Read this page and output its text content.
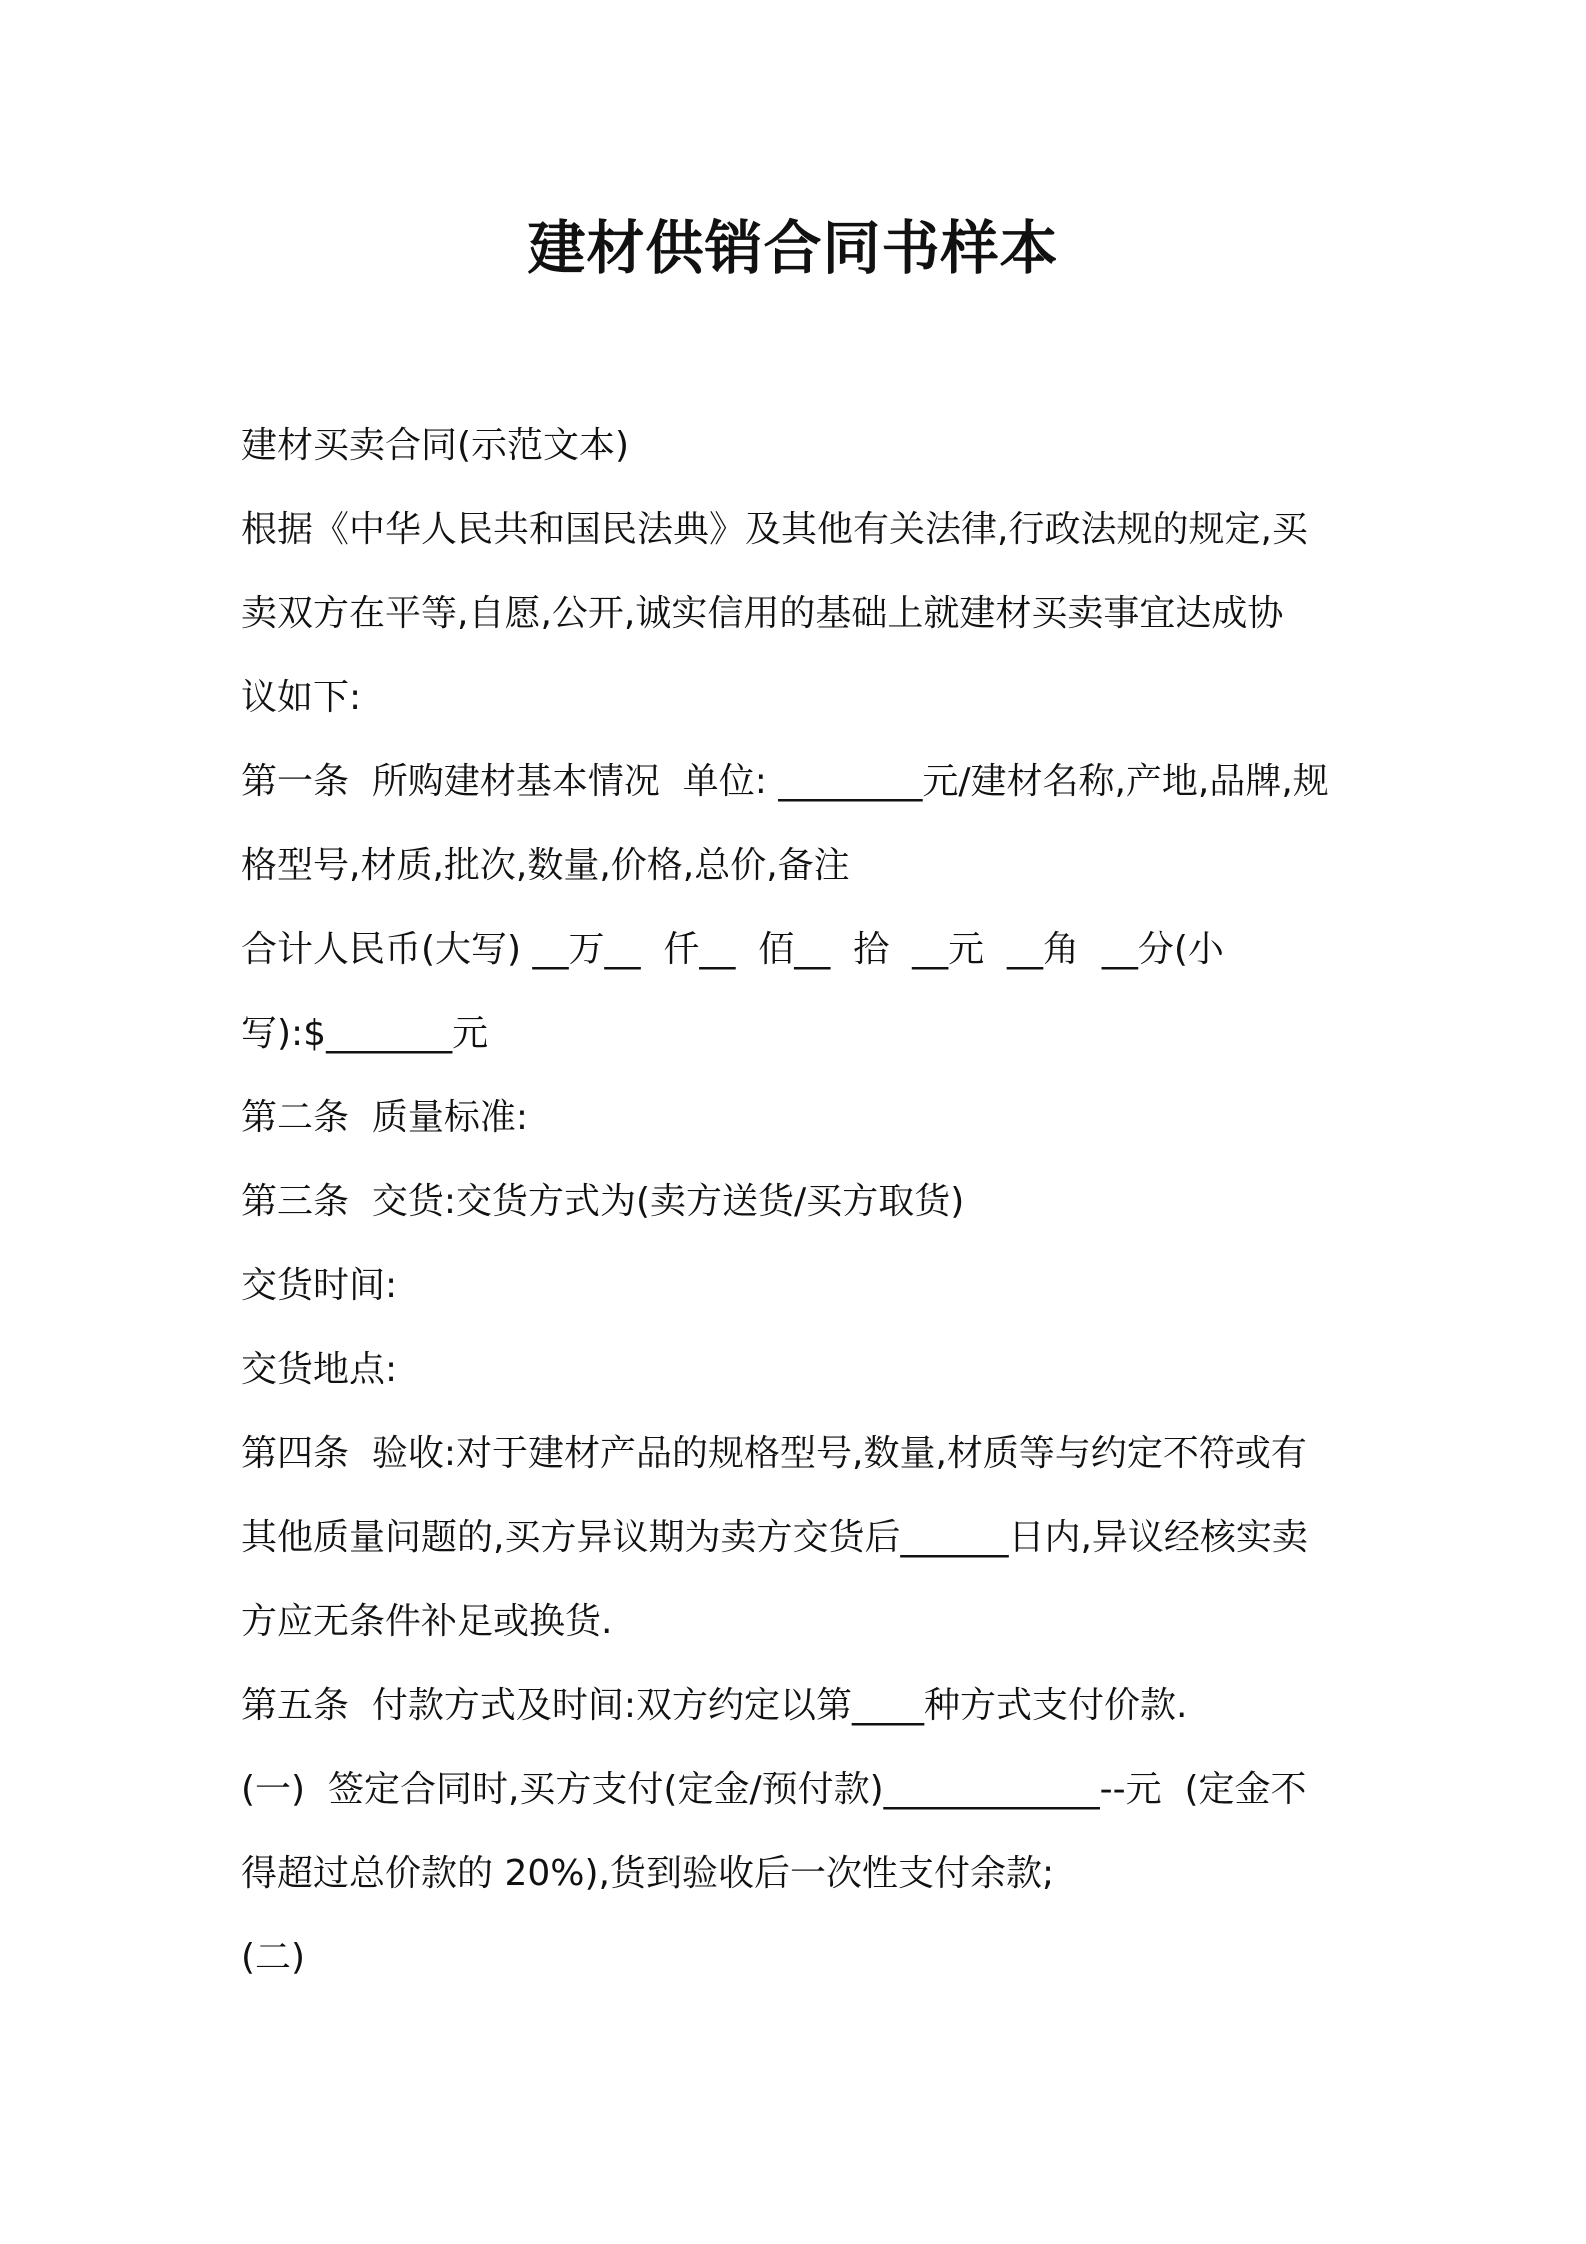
建材供销合同书样本
建材买卖合同(示范文本)
根据《中华人民共和国民法典》及其他有关法律,行政法规的规定,买
卖双方在平等,自愿,公开,诚实信用的基础上就建材买卖事宜达成协
议如下:
第一条  所购建材基本情况  单位: ________元/建材名称,产地,品牌,规
格型号,材质,批次,数量,价格,总价,备注
合计人民币(大写) __万__  仟__  佰__  拾  __元  __角  __分(小
写):$_______元
第二条  质量标准:
第三条  交货:交货方式为(卖方送货/买方取货)
交货时间:
交货地点:
第四条  验收:对于建材产品的规格型号,数量,材质等与约定不符或有
其他质量问题的,买方异议期为卖方交货后______日内,异议经核实卖
方应无条件补足或换货.
第五条  付款方式及时间:双方约定以第____种方式支付价款.
(一)  签定合同时,买方支付(定金/预付款)____________--元  (定金不
得超过总价款的 20%),货到验收后一次性支付余款;
(二)
